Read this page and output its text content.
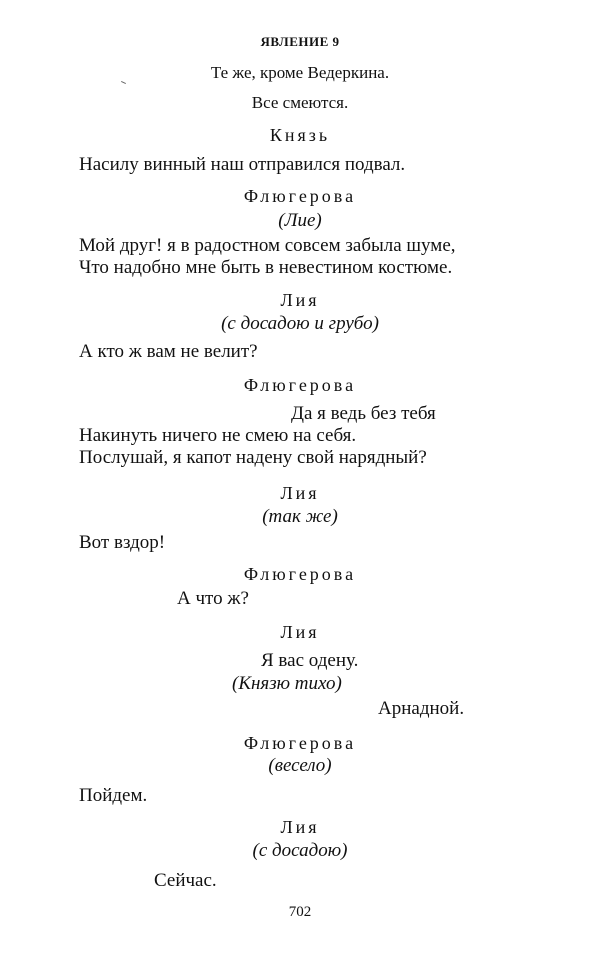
ЯВЛЕНИЕ 9
Те же, кроме Ведеркина.
Все смеются.
Князь
Насилу винный наш отправился подвал.
Флюгерова
(Лие)
Мой друг! я в радостном совсем забыла шуме,
Что надобно мне быть в невестином костюме.
Лия
(с досадою и грубо)
А кто ж вам не велит?
Флюгерова
Да я ведь без тебя
Накинуть ничего не смею на себя.
Послушай, я капот надену свой нарядный?
Лия
(так же)
Вот вздор!
Флюгерова
А что ж?
Лия
Я вас одену.
(Князю тихо)
Арнадной.
Флюгерова
(весело)
Пойдем.
Лия
(с досадою)
Сейчас.
702
